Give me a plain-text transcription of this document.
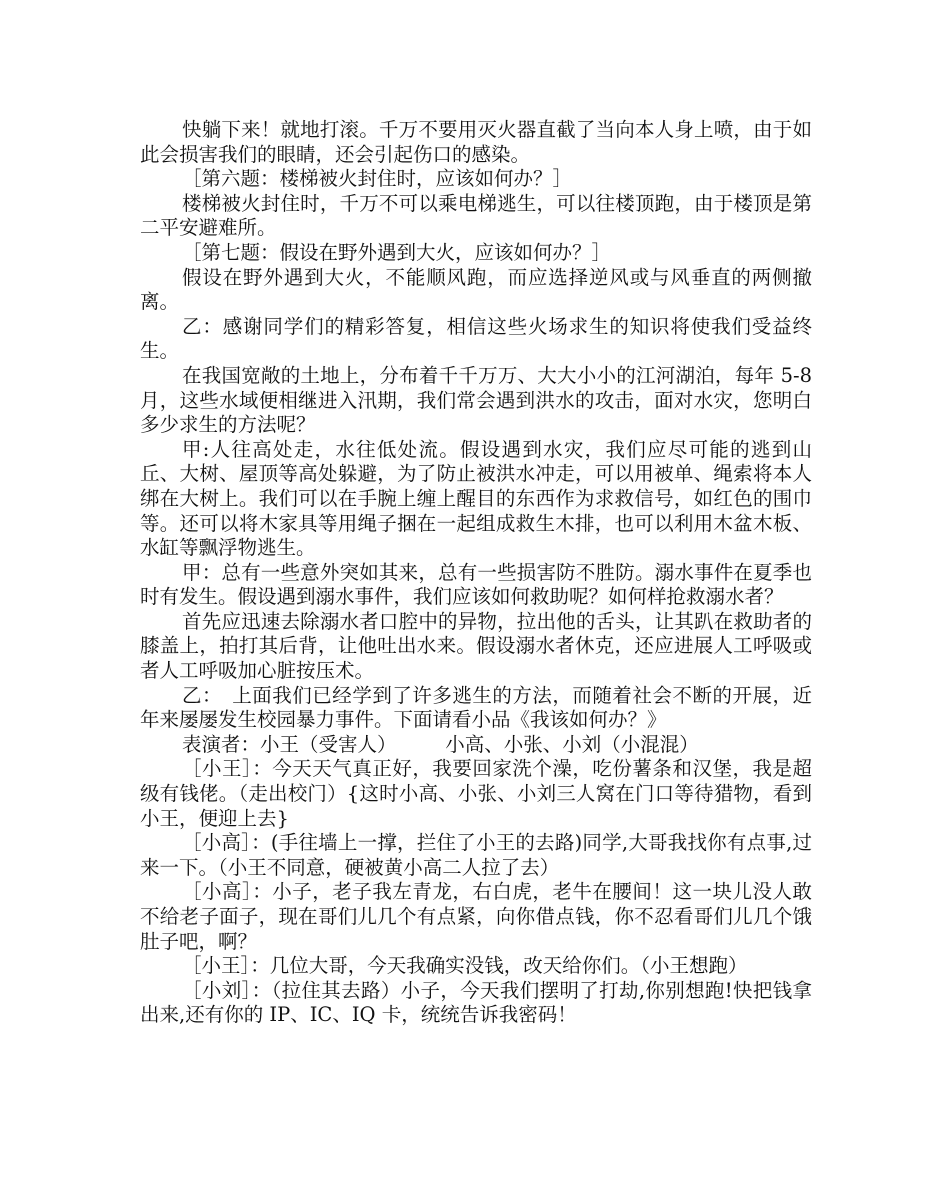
快躺下来！就地打滚。千万不要用灭火器直截了当向本人身上喷，由于如此会损害我们的眼睛，还会引起伤口的感染。

［第六题：楼梯被火封住时，应该如何办？］

楼梯被火封住时，千万不可以乘电梯逃生，可以往楼顶跑，由于楼顶是第二平安避难所。

［第七题：假设在野外遇到大火，应该如何办？］

假设在野外遇到大火，不能顺风跑，而应选择逆风或与风垂直的两侧撤离。

乙：感谢同学们的精彩答复，相信这些火场求生的知识将使我们受益终生。

在我国宽敞的土地上，分布着千千万万、大大小小的江河湖泊，每年 5-8 月，这些水域便相继进入汛期，我们常会遇到洪水的攻击，面对水灾，您明白多少求生的方法呢？

甲:人往高处走，水往低处流。假设遇到水灾，我们应尽可能的逃到山丘、大树、屋顶等高处躲避，为了防止被洪水冲走，可以用被单、绳索将本人绑在大树上。我们可以在手腕上缠上醒目的东西作为求救信号，如红色的围巾等。还可以将木家具等用绳子捆在一起组成救生木排，也可以利用木盆木板、水缸等飘浮物逃生。

甲：总有一些意外突如其来，总有一些损害防不胜防。溺水事件在夏季也时有发生。假设遇到溺水事件，我们应该如何救助呢？如何样抢救溺水者？

首先应迅速去除溺水者口腔中的异物，拉出他的舌头，让其趴在救助者的膝盖上，拍打其后背，让他吐出水来。假设溺水者休克，还应进展人工呼吸或者人工呼吸加心脏按压术。

乙：　上面我们已经学到了许多逃生的方法，而随着社会不断的开展，近年来屡屡发生校园暴力事件。下面请看小品《我该如何办？》

表演者：小王（受害人）　　　小高、小张、小刘（小混混）

［小王］：今天天气真正好，我要回家洗个澡，吃份薯条和汉堡，我是超级有钱佬。（走出校门）{这时小高、小张、小刘三人窝在门口等待猎物，看到小王，便迎上去}

［小高］：(手往墙上一撑，拦住了小王的去路)同学,大哥我找你有点事,过来一下。（小王不同意，硬被黄小高二人拉了去）

［小高］：小子，老子我左青龙，右白虎，老牛在腰间！这一块儿没人敢不给老子面子，现在哥们儿几个有点紧，向你借点钱，你不忍看哥们儿几个饿肚子吧，啊？

［小王］：几位大哥，今天我确实没钱，改天给你们。（小王想跑）

［小刘］：（拉住其去路）小子，今天我们摆明了打劫,你别想跑!快把钱拿出来,还有你的 IP、IC、IQ 卡，统统告诉我密码！
